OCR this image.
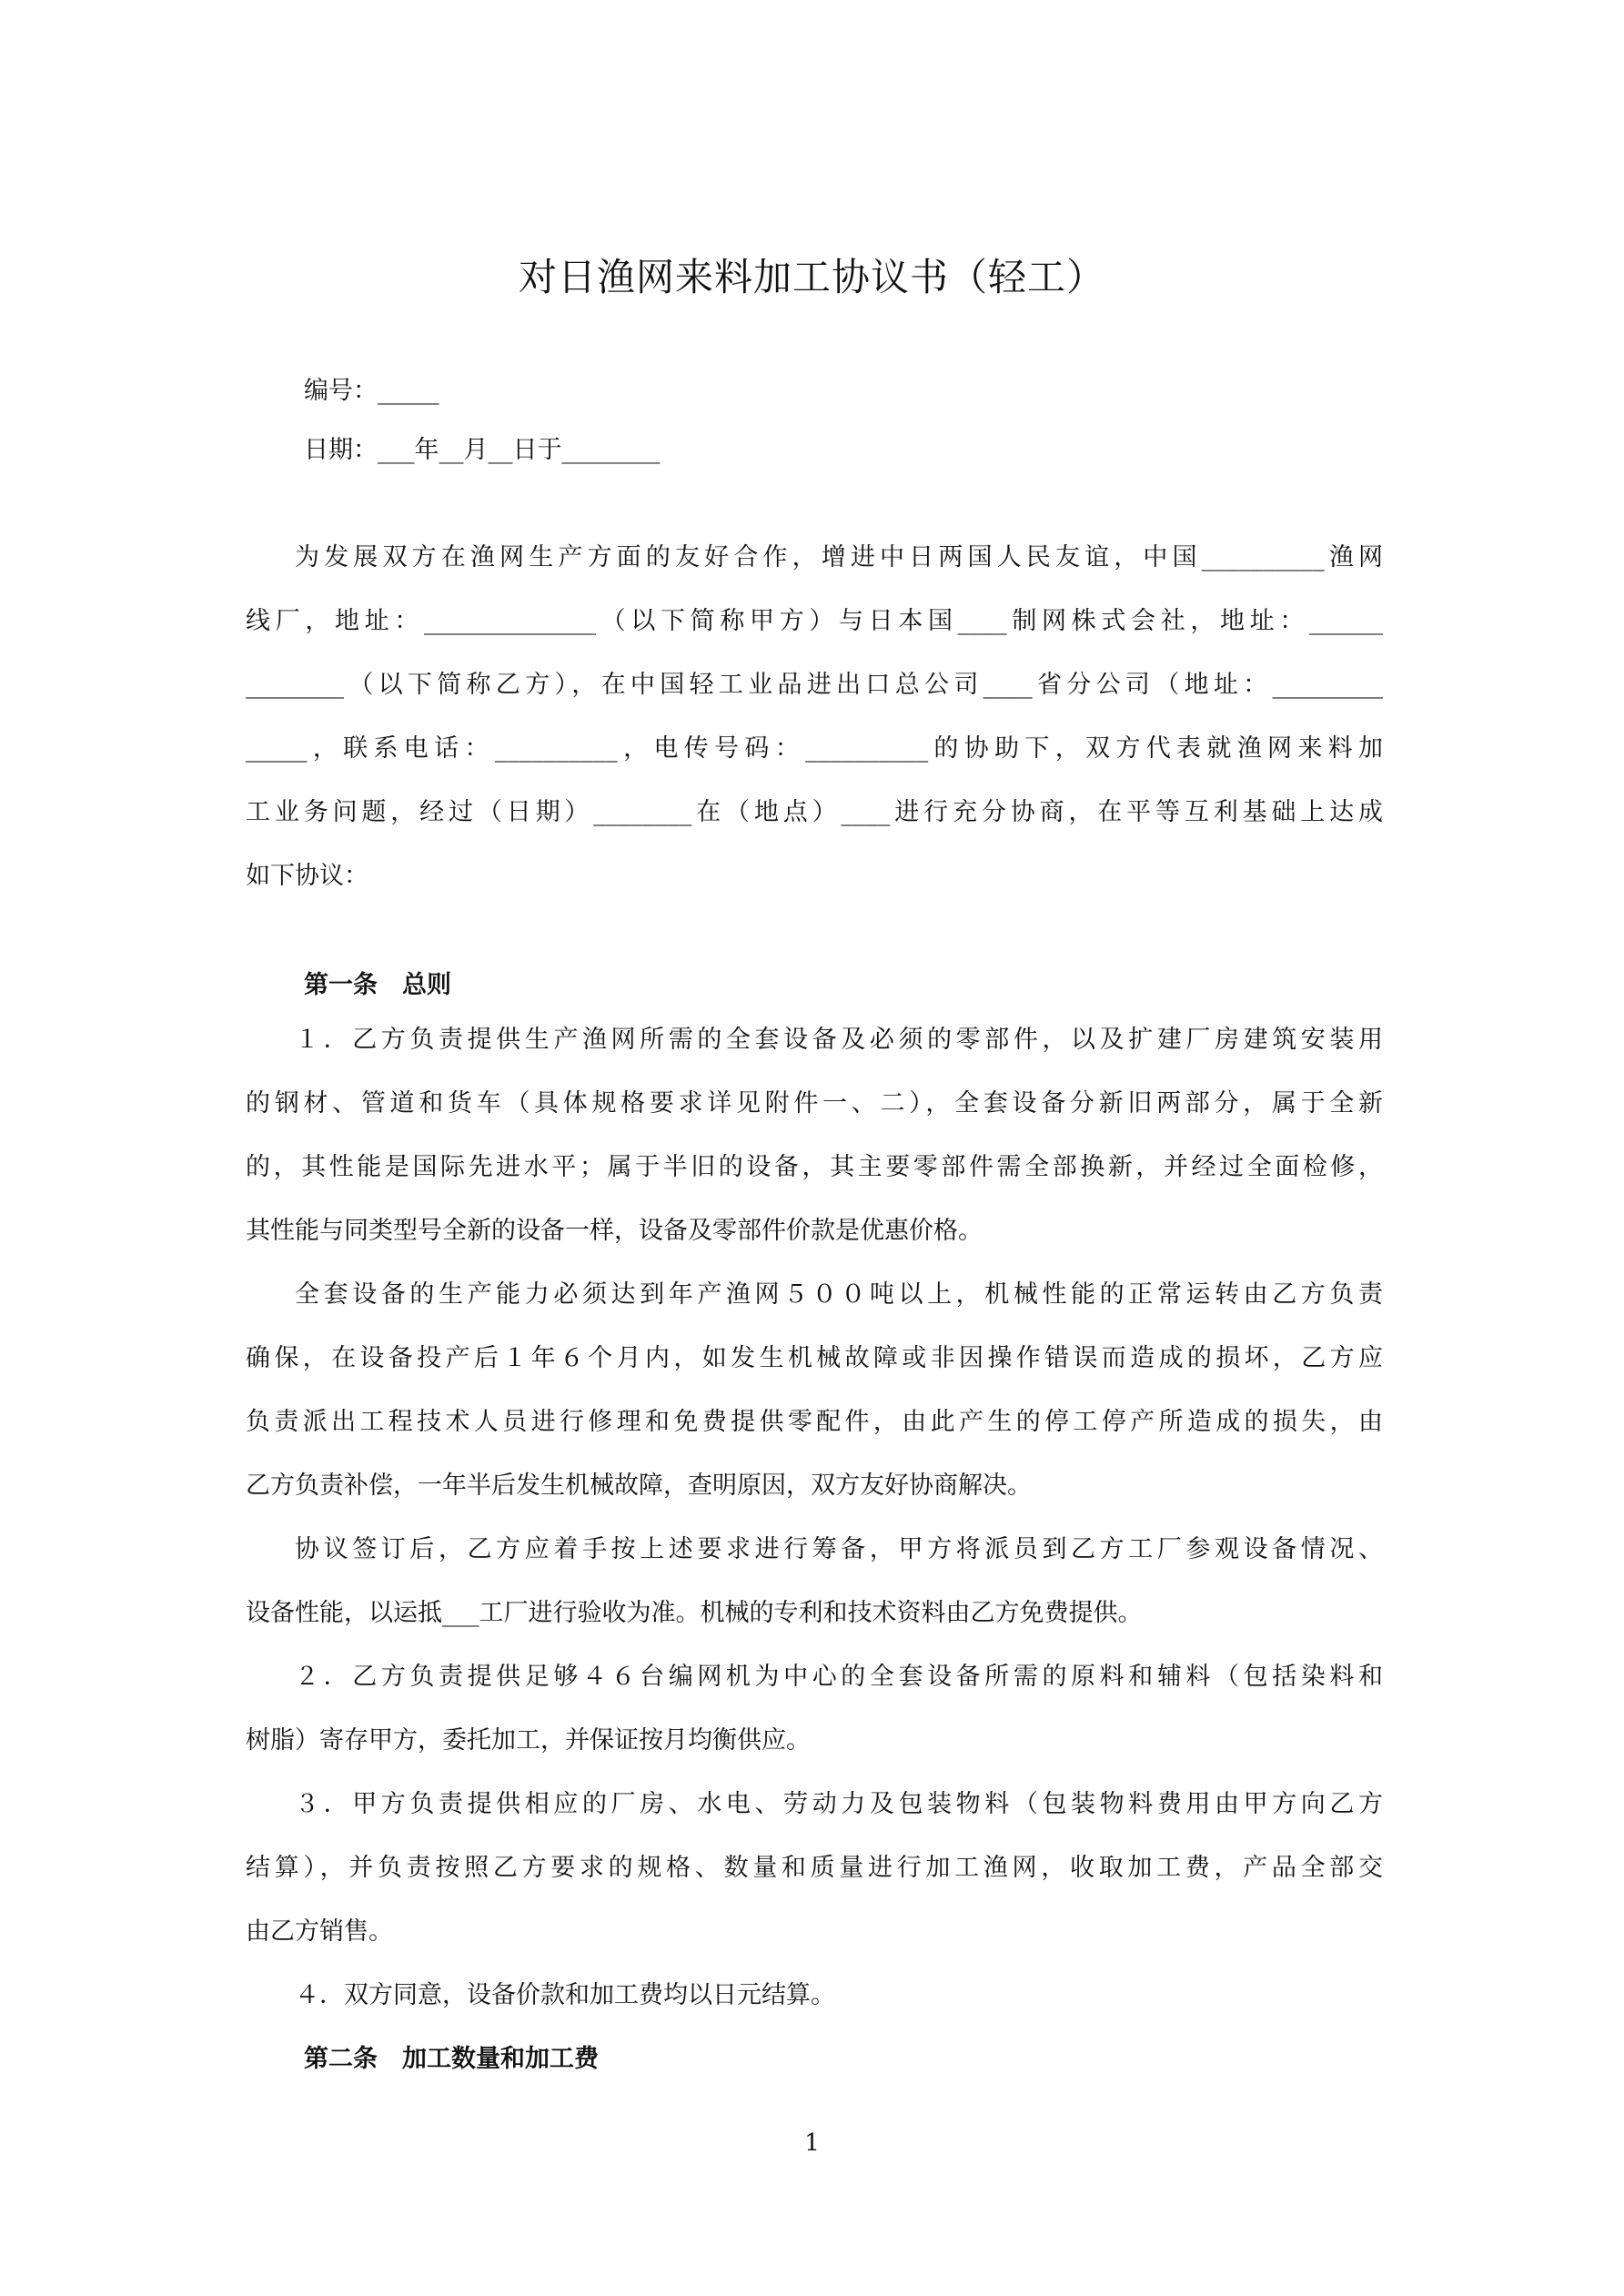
对日渔网来料加工协议书（轻工）
编号：_____
日期：___年__月__日于________
为发展双方在渔网生产方面的友好合作，增进中日两国人民友谊，中国__________渔网
线厂，地址：______________（以下简称甲方）与日本国____制网株式会社，地址：______
________（以下简称乙方），在中国轻工业品进出口总公司____省分公司（地址：_________
_____，联系电话：__________，电传号码：__________的协助下，双方代表就渔网来料加
工业务问题，经过（日期）________在（地点）____进行充分协商，在平等互利基础上达成
如下协议：
第一条　总则
１．乙方负责提供生产渔网所需的全套设备及必须的零部件，以及扩建厂房建筑安装用
的钢材、管道和货车（具体规格要求详见附件一、二），全套设备分新旧两部分，属于全新
的，其性能是国际先进水平；属于半旧的设备，其主要零部件需全部换新，并经过全面检修，
其性能与同类型号全新的设备一样，设备及零部件价款是优惠价格。
全套设备的生产能力必须达到年产渔网５００吨以上，机械性能的正常运转由乙方负责
确保，在设备投产后１年６个月内，如发生机械故障或非因操作错误而造成的损坏，乙方应
负责派出工程技术人员进行修理和免费提供零配件，由此产生的停工停产所造成的损失，由
乙方负责补偿，一年半后发生机械故障，查明原因，双方友好协商解决。
协议签订后，乙方应着手按上述要求进行筹备，甲方将派员到乙方工厂参观设备情况、
设备性能，以运抵___工厂进行验收为准。机械的专利和技术资料由乙方免费提供。
２．乙方负责提供足够４６台编网机为中心的全套设备所需的原料和辅料（包括染料和
树脂）寄存甲方，委托加工，并保证按月均衡供应。
３．甲方负责提供相应的厂房、水电、劳动力及包装物料（包装物料费用由甲方向乙方
结算），并负责按照乙方要求的规格、数量和质量进行加工渔网，收取加工费，产品全部交
由乙方销售。
４．双方同意，设备价款和加工费均以日元结算。
第二条　加工数量和加工费
1
